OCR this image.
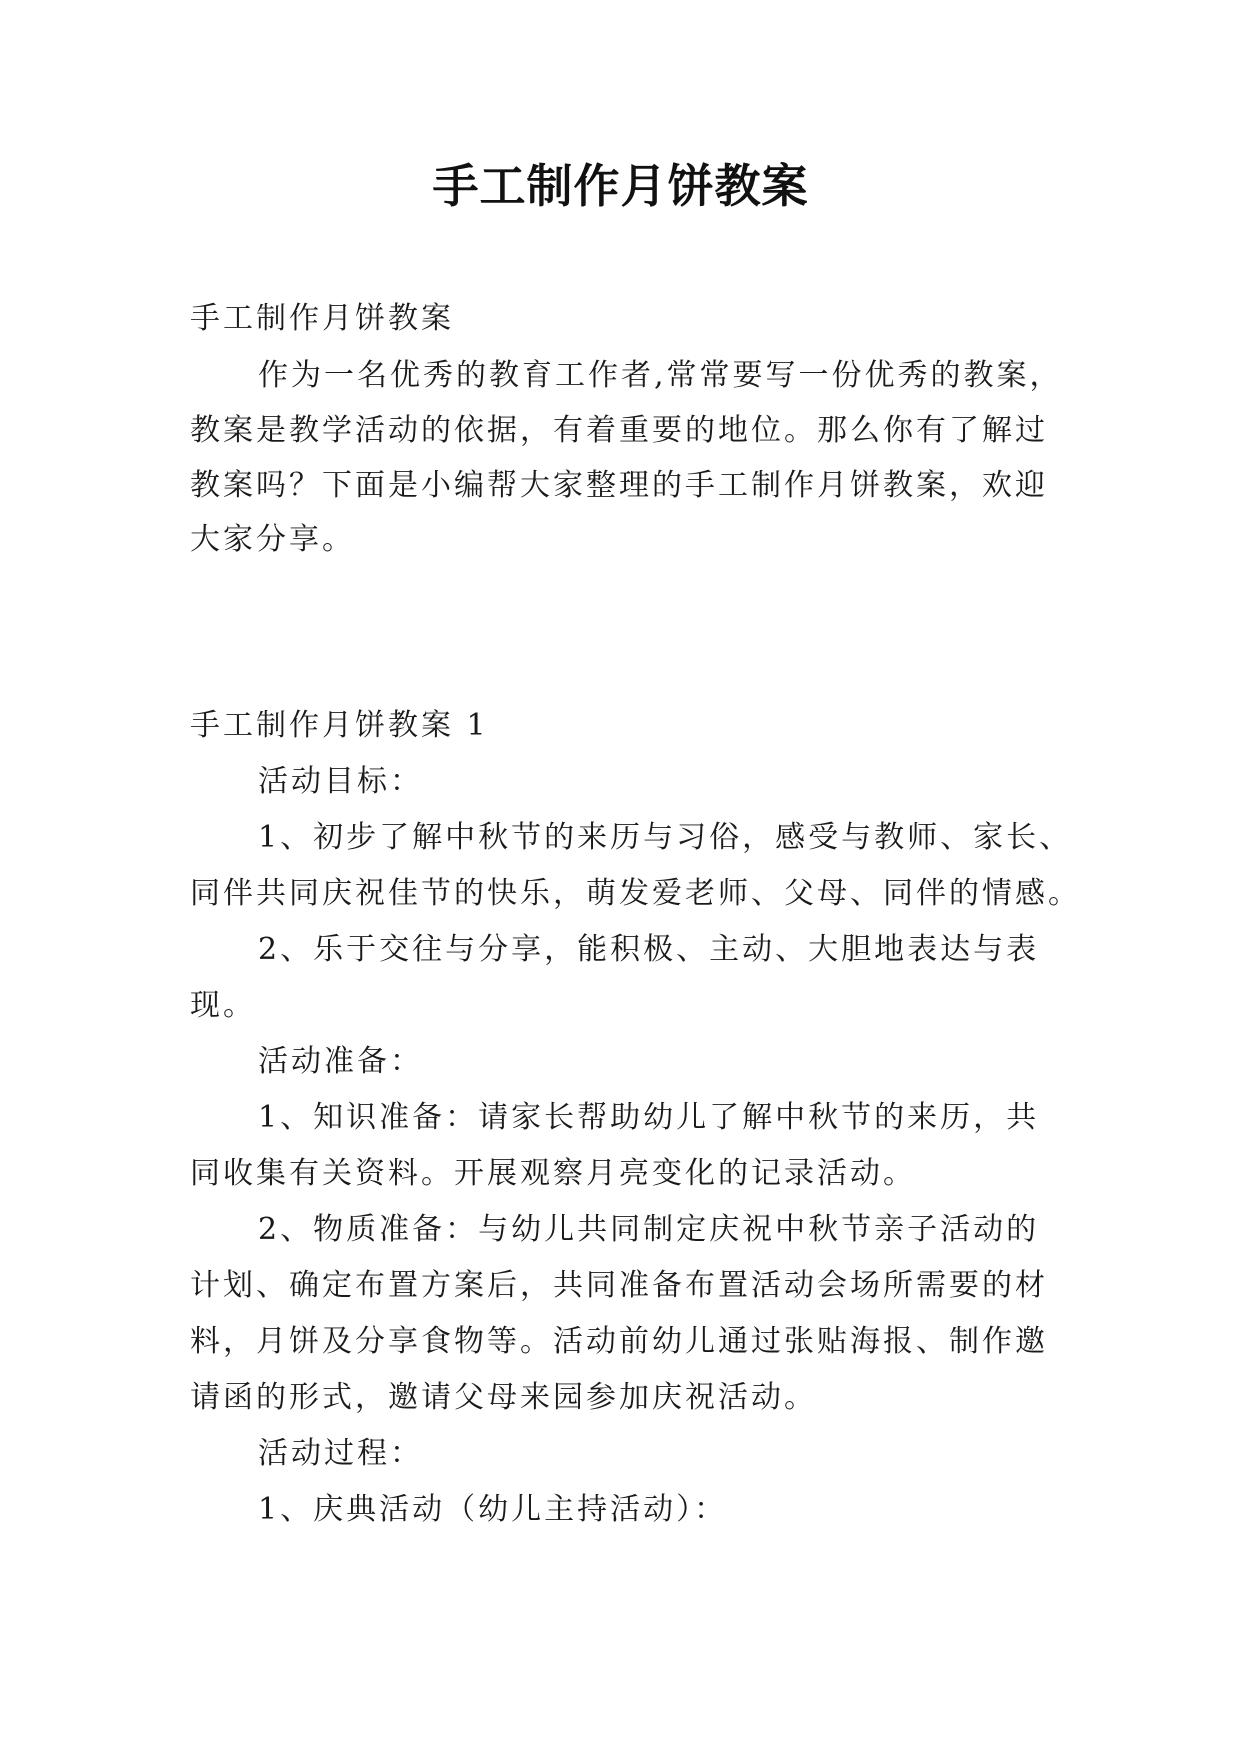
手工制作月饼教案
手工制作月饼教案
作为一名优秀的教育工作者,常常要写一份优秀的教案，
教案是教学活动的依据，有着重要的地位。那么你有了解过
教案吗？下面是小编帮大家整理的手工制作月饼教案，欢迎
大家分享。
手工制作月饼教案 1
活动目标：
1、初步了解中秋节的来历与习俗，感受与教师、家长、
同伴共同庆祝佳节的快乐，萌发爱老师、父母、同伴的情感。
2、乐于交往与分享，能积极、主动、大胆地表达与表
现。
活动准备：
1、知识准备：请家长帮助幼儿了解中秋节的来历，共
同收集有关资料。开展观察月亮变化的记录活动。
2、物质准备：与幼儿共同制定庆祝中秋节亲子活动的
计划、确定布置方案后，共同准备布置活动会场所需要的材
料，月饼及分享食物等。活动前幼儿通过张贴海报、制作邀
请函的形式，邀请父母来园参加庆祝活动。
活动过程：
1、庆典活动（幼儿主持活动）：
